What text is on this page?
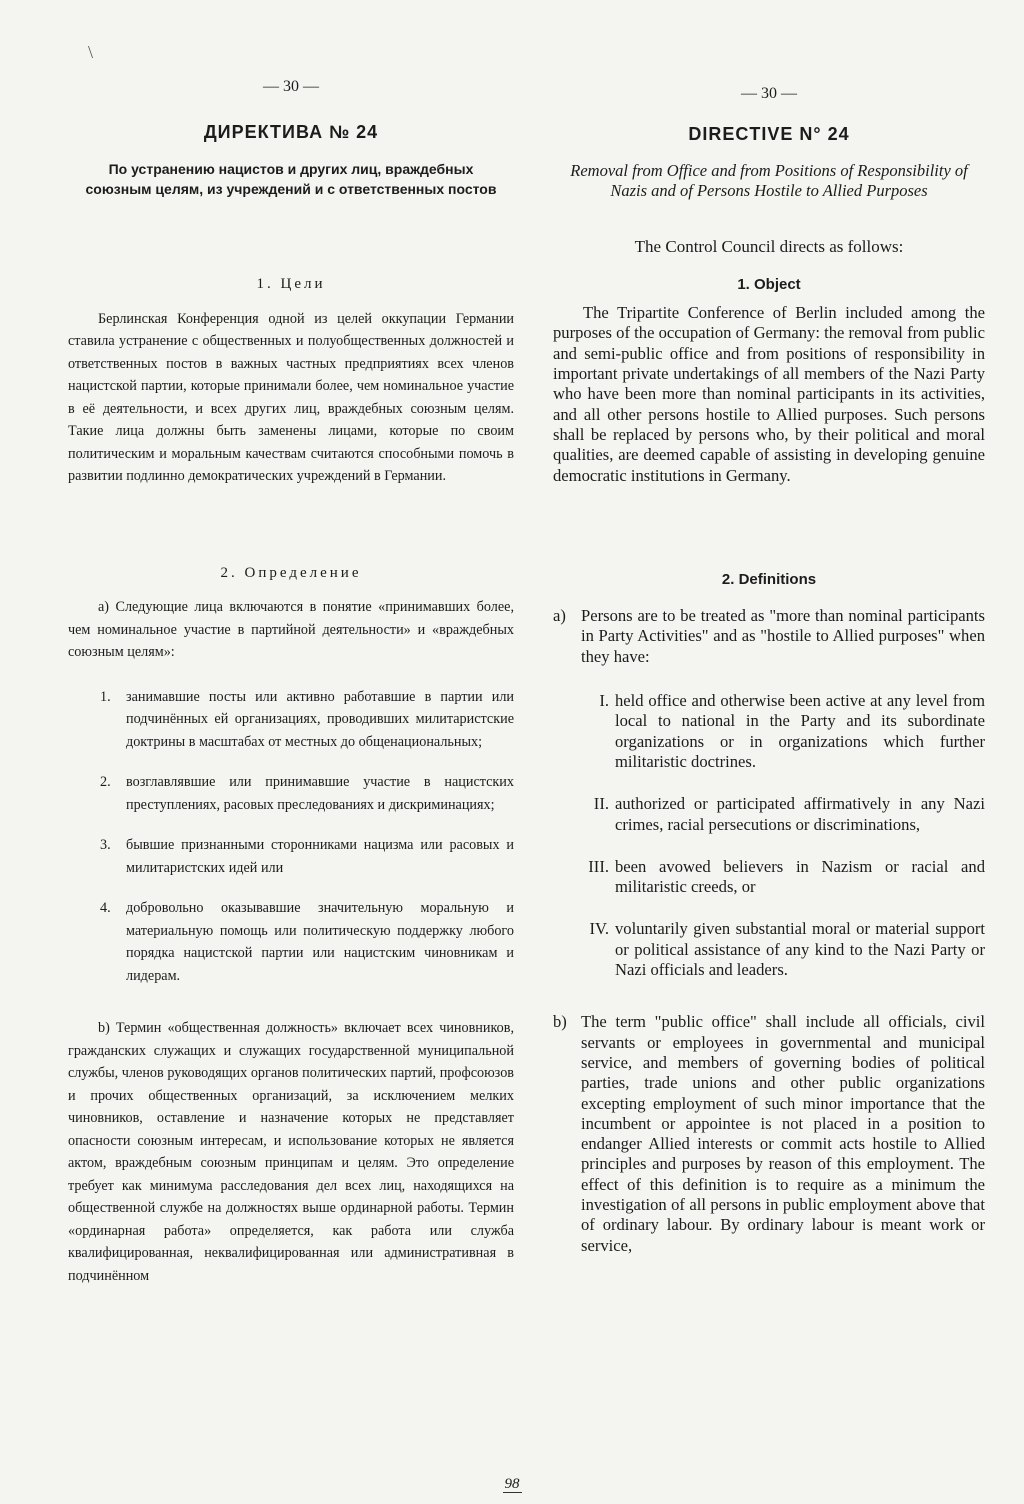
\
— 30 —
ДИРЕКТИВА № 24
По устранению нацистов и других лиц, враждебных союзным целям, из учреждений и с ответственных постов
1. Цели

Берлинская Конференция одной из целей оккупации Германии ставила устранение с общественных и полуобщественных должностей и ответственных постов в важных частных предприятиях всех членов нацистской партии, которые принимали более, чем номинальное участие в её деятельности, и всех других лиц, враждебных союзным целям. Такие лица должны быть заменены лицами, которые по своим политическим и моральным качествам считаются способными помочь в развитии подлинно демократических учреждений в Германии.

2. Определение

а) Следующие лица включаются в понятие «принимавших более, чем номинальное участие в партийной деятельности» и «враждебных союзным целям»:

1. занимавшие посты или активно работавшие в партии или подчинённых ей организациях, проводивших милитаристские доктрины в масштабах от местных до общенациональных;
2. возглавлявшие или принимавшие участие в нацистских преступлениях, расовых преследованиях и дискриминациях;
3. бывшие признанными сторонниками нацизма или расовых и милитаристских идей или
4. добровольно оказывавшие значительную моральную и материальную помощь или политическую поддержку любого порядка нацистской партии или нацистским чиновникам и лидерам.

b) Термин «общественная должность» включает всех чиновников, гражданских служащих и служащих государственной муниципальной службы, членов руководящих органов политических партий, профсоюзов и прочих общественных организаций, за исключением мелких чиновников, оставление и назначение которых не представляет опасности союзным интересам, и использование которых не является актом, враждебным союзным принципам и целям. Это определение требует как минимума расследования дел всех лиц, находящихся на общественной службе на должностях выше ординарной работы. Термин «ординарная работа» определяется, как работа или служба квалифицированная, неквалифицированная или административная в подчинённом

— 30 —
DIRECTIVE N° 24
Removal from Office and from Positions of Responsibility of Nazis and of Persons Hostile to Allied Purposes
The Control Council directs as follows:
1. Object

The Tripartite Conference of Berlin included among the purposes of the occupation of Germany: the removal from public and semi-public office and from positions of responsibility in important private undertakings of all members of the Nazi Party who have been more than nominal participants in its activities, and all other persons hostile to Allied purposes. Such persons shall be replaced by persons who, by their political and moral qualities, are deemed capable of assisting in developing genuine democratic institutions in Germany.

2. Definitions
a) Persons are to be treated as "more than nominal participants in Party Activities" and as "hostile to Allied purposes" when they have:
I. held office and otherwise been active at any level from local to national in the Party and its subordinate organizations or in organizations which further militaristic doctrines.
II. authorized or participated affirmatively in any Nazi crimes, racial persecutions or discriminations,
III. been avowed believers in Nazism or racial and militaristic creeds, or
IV. voluntarily given substantial moral or material support or political assistance of any kind to the Nazi Party or Nazi officials and leaders.
b) The term "public office" shall include all officials, civil servants or employees in governmental and municipal service, and members of governing bodies of political parties, trade unions and other public organizations excepting employment of such minor importance that the incumbent or appointee is not placed in a position to endanger Allied interests or commit acts hostile to Allied principles and purposes by reason of this employment. The effect of this definition is to require as a minimum the investigation of all persons in public employment above that of ordinary labour. By ordinary labour is meant work or service,
98
